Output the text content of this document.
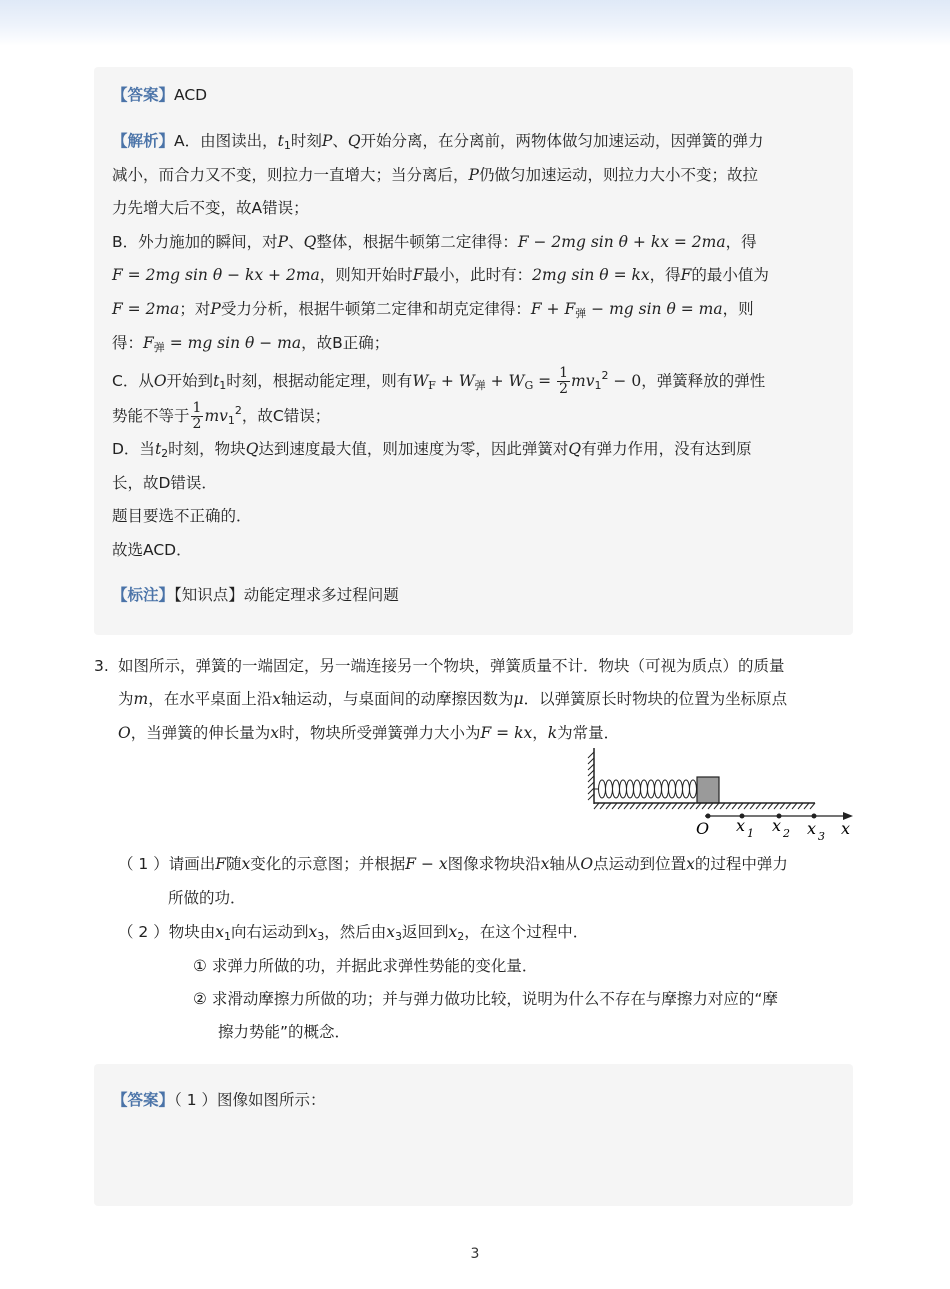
【答案】ACD
【解析】A．由图读出，$t_1$时刻P、Q开始分离，在分离前，两物体做匀加速运动，因弹簧的弹力
减小，而合力又不变，则拉力一直增大；当分离后，P仍做匀加速运动，则拉力大小不变；故拉
力先增大后不变，故A错误；
B．外力施加的瞬间，对P、Q整体，根据牛顿第二定律得：F − 2mg sin θ + kx = 2ma，得
F = 2mg sin θ − kx + 2ma，则知开始时F最小，此时有：2mg sin θ = kx，得F的最小值为
F = 2ma；对P受力分析，根据牛顿第二定律和胡克定律得：$F + F_弹$ − mg sin θ = ma，则
得：$F_弹$ = mg sin θ − ma，故B正确；
C．从O开始到$t_1$时刻，根据动能定理，则有$W_F + W_弹 + W_G = \frac{1}{2} mv_1^2 - 0$，弹簧释放的弹性
势能不等于 $\frac{1}{2} mv_1^2$，故C错误；
D．当$t_2$时刻，物块Q达到速度最大值，则加速度为零，因此弹簧对Q有弹力作用，没有达到原
长，故D错误．
题目要选不正确的．
故选ACD．
【标注】【知识点】动能定理求多过程问题
3. 如图所示，弹簧的一端固定，另一端连接另一个物块，弹簧质量不计．物块（可视为质点）的质量
为m，在水平桌面上沿x轴运动，与桌面间的动摩擦因数为μ．以弹簧原长时物块的位置为坐标原点
O，当弹簧的伸长量为x时，物块所受弹簧弹力大小为F = kx，k为常量．
O x 1 x 2 x 3 x
（ 1 ）请画出F随x变化的示意图；并根据F − x图像求物块沿x轴从O点运动到位置x的过程中弹力
所做的功．
（ 2 ）物块由$x_1$向右运动到$x_3$，然后由$x_3$返回到$x_2$，在这个过程中．
① 求弹力所做的功，并据此求弹性势能的变化量．
② 求滑动摩擦力所做的功；并与弹力做功比较，说明为什么不存在与摩擦力对应的“摩
擦力势能”的概念．
【答案】（ 1 ）图像如图所示：
3
